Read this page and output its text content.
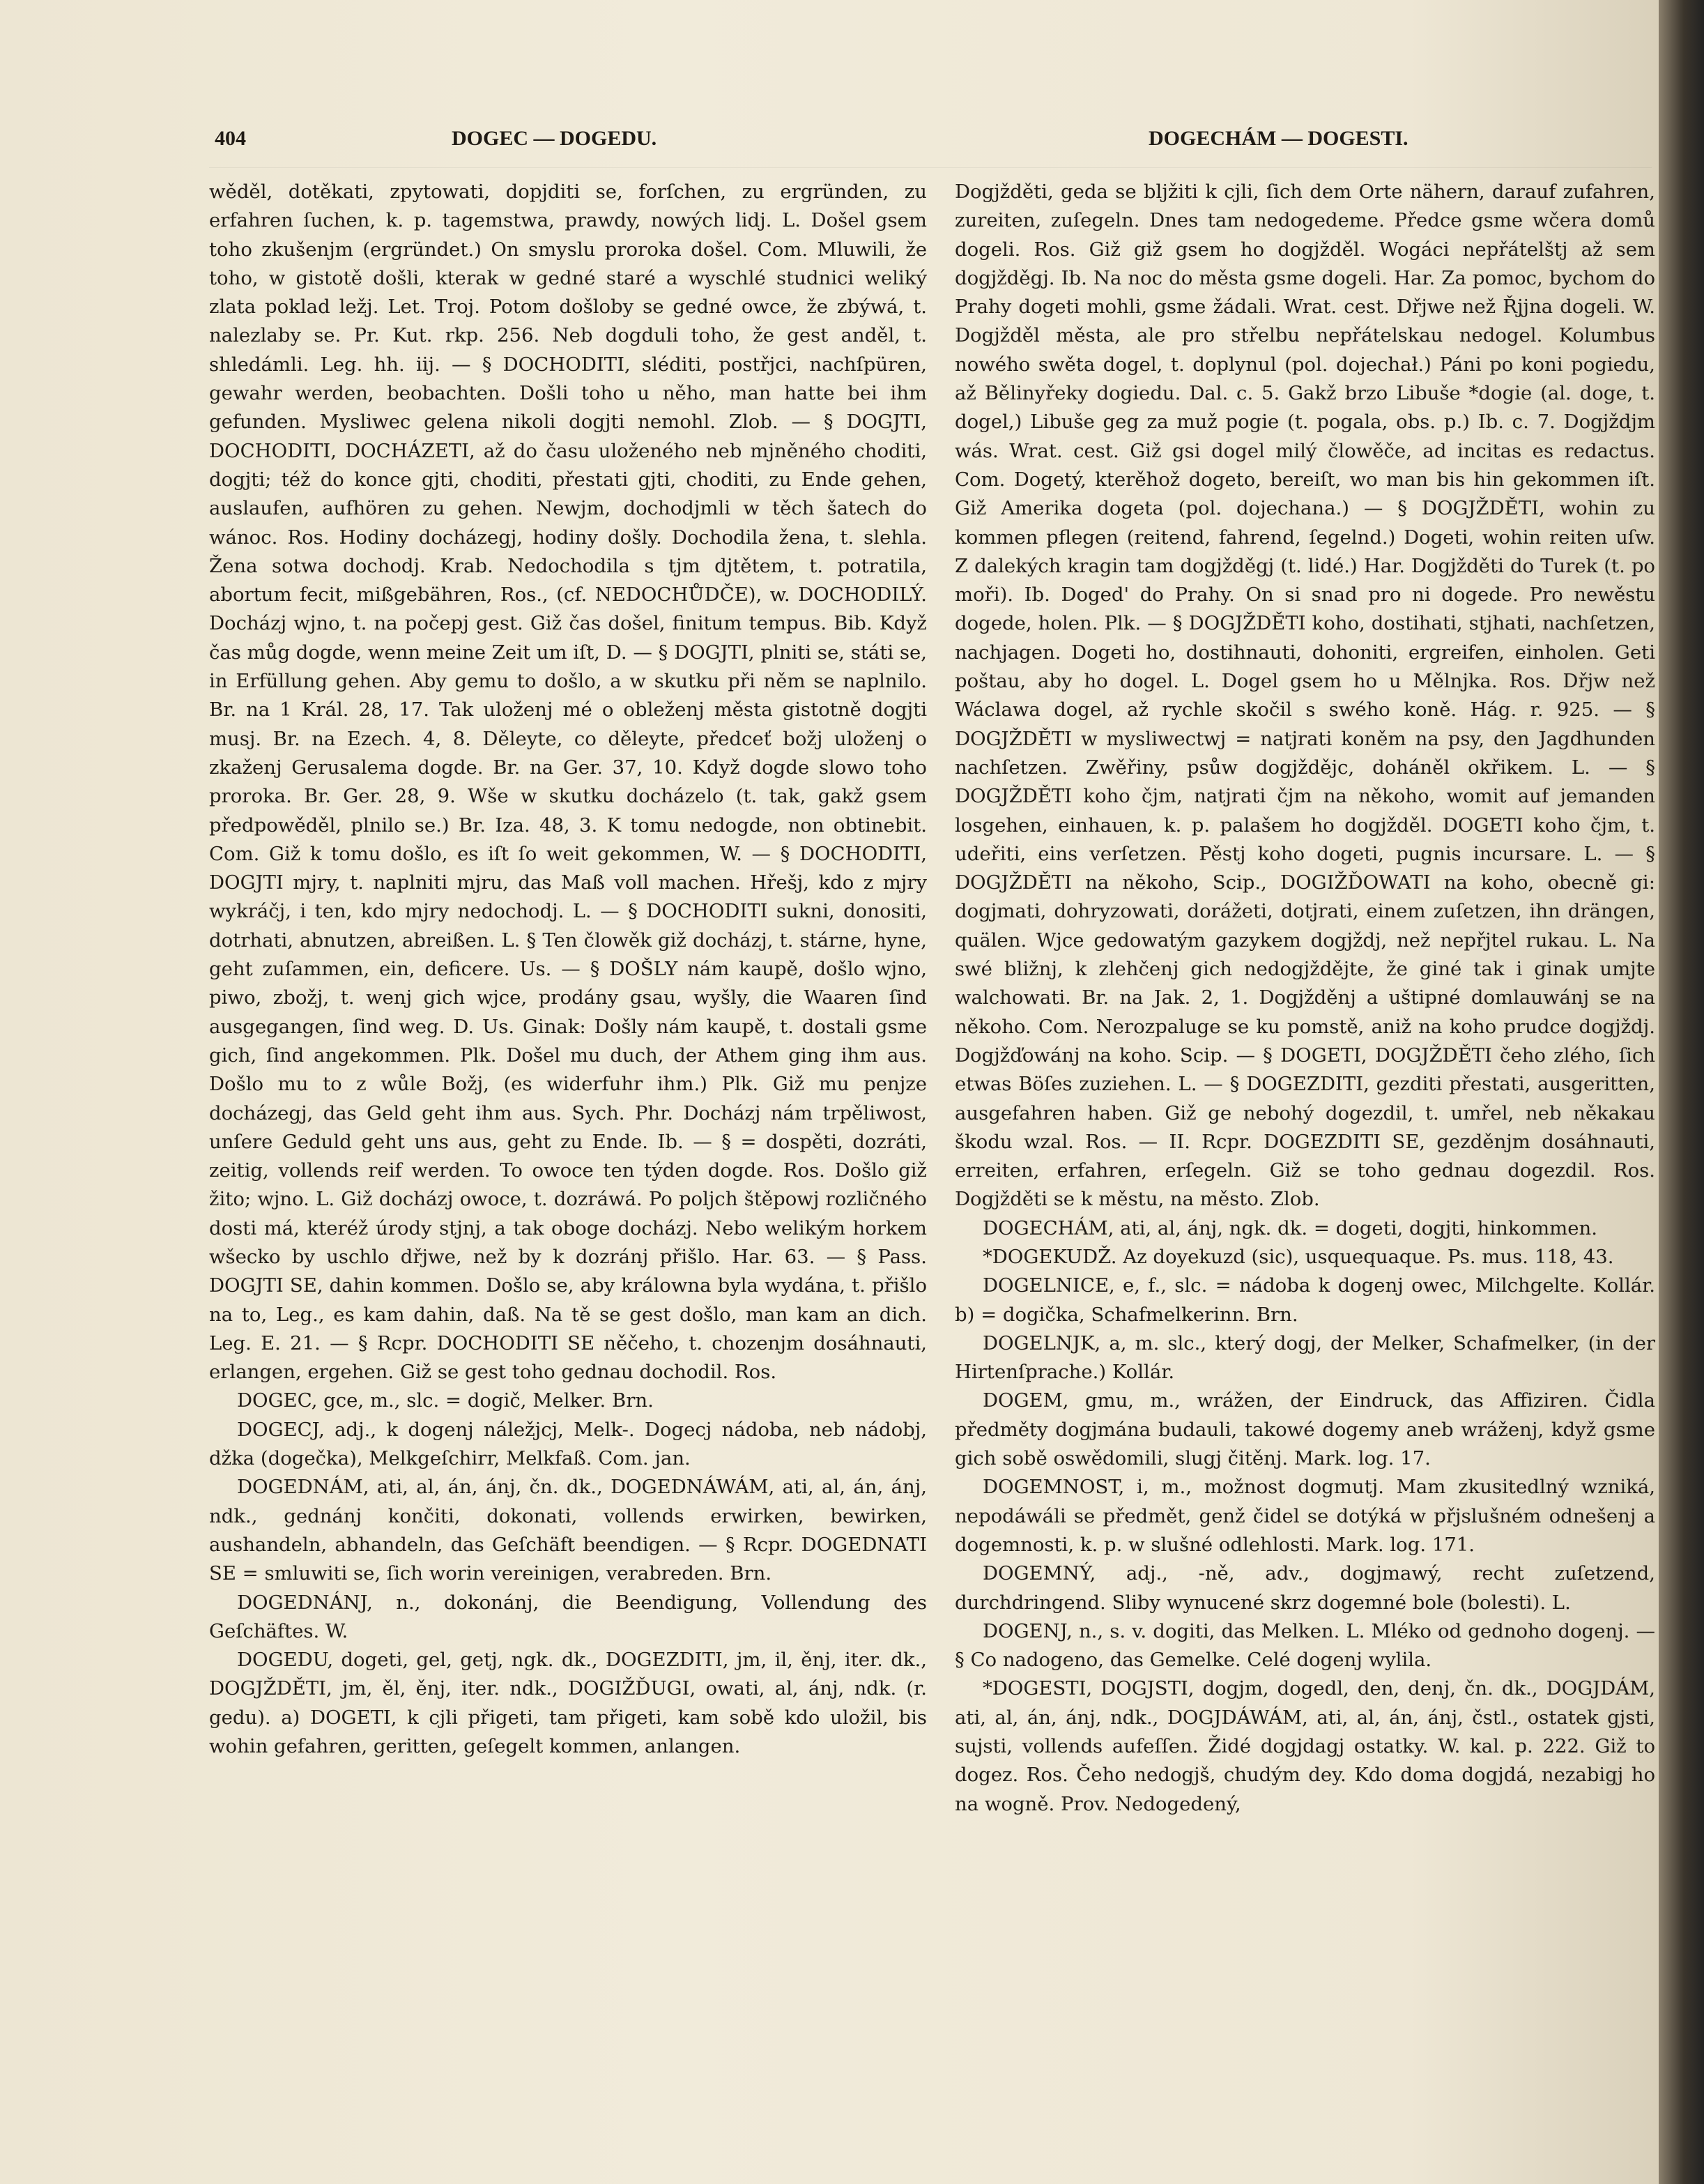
404	DOGEC — DOGEDU.	DOGECHÁM — DOGESTI.

wěděl, dotěkati, zpytowati, dopjditi se, forſchen, zu ergründen, zu erfahren ſuchen, k. p. tagemstwa, prawdy, nowých lidj. L. Došel gsem toho zkušenjm (ergründet.) On smyslu proroka došel. Com. Mluwili, že toho, w gistotě došli, kterak w gedné staré a wyschlé studnici weliký zlata poklad ležj. Let. Troj. Potom došloby se gedné owce, že zbýwá, t. nalezlaby se. Pr. Kut. rkp. 256. Neb dogduli toho, že gest anděl, t. shledámli. Leg. hh. iij. — § DOCHODITI, sléditi, postřjci, nachſpüren, gewahr werden, beobachten. Došli toho u něho, man hatte bei ihm gefunden. Mysliwec gelena nikoli dogjti nemohl. Zlob. — § DOGJTI, DOCHODITI, DOCHÁZETI, až do času uloženého neb mjněného choditi, dogjti; též do konce gjti, choditi, přestati gjti, choditi, zu Ende gehen, auslaufen, aufhören zu gehen. Newjm, dochodjmli w těch šatech do wánoc. Ros. Hodiny docházegj, hodiny došly. Dochodila žena, t. slehla. Žena sotwa dochodj. Krab. Nedochodila s tjm djtětem, t. potratila, abortum fecit, mißgebähren, Ros., (cf. NEDOCHŮDČE), w. DOCHODILÝ. Docházj wjno, t. na počepj gest. Giž čas došel, finitum tempus. Bib. Když čas můg dogde, wenn meine Zeit um iſt, D. — § DOGJTI, plniti se, státi se, in Erfüllung gehen. Aby gemu to došlo, a w skutku při něm se naplnilo. Br. na 1 Král. 28, 17. Tak uloženj mé o obleženj města gistotně dogjti musj. Br. na Ezech. 4, 8. Děleyte, co děleyte, předceť božj uloženj o zkaženj Gerusalema dogde. Br. na Ger. 37, 10. Když dogde slowo toho proroka. Br. Ger. 28, 9. Wše w skutku docházelo (t. tak, gakž gsem předpowěděl, plnilo se.) Br. Iza. 48, 3. K tomu nedogde, non obtinebit. Com. Giž k tomu došlo, es iſt ſo weit gekommen, W. — § DOCHODITI, DOGJTI mjry, t. naplniti mjru, das Maß voll machen. Hřešj, kdo z mjry wykráčj, i ten, kdo mjry nedochodj. L. — § DOCHODITI sukni, donositi, dotrhati, abnutzen, abreißen. L. § Ten člowěk giž docházj, t. stárne, hyne, geht zuſammen, ein, deficere. Us. — § DOŠLY nám kaupě, došlo wjno, piwo, zbožj, t. wenj gich wjce, prodány gsau, wyšly, die Waaren ſind ausgegangen, ſind weg. D. Us. Ginak: Došly nám kaupě, t. dostali gsme gich, ſind angekommen. Plk. Došel mu duch, der Athem ging ihm aus. Došlo mu to z wůle Božj, (es widerfuhr ihm.) Plk. Giž mu penjze docházegj, das Geld geht ihm aus. Sych. Phr. Docházj nám trpěliwost, unſere Geduld geht uns aus, geht zu Ende. Ib. — § = dospěti, dozráti, zeitig, vollends reif werden. To owoce ten týden dogde. Ros. Došlo giž žito; wjno. L. Giž docházj owoce, t. dozráwá. Po poljch štěpowj rozličného dosti má, kteréž úrody stjnj, a tak oboge docházj. Nebo welikým horkem wšecko by uschlo dřjwe, než by k dozránj přišlo. Har. 63. — § Pass. DOGJTI SE, dahin kommen. Došlo se, aby králowna byla wydána, t. přišlo na to, Leg., es kam dahin, daß. Na tě se gest došlo, man kam an dich. Leg. E. 21. — § Rcpr. DOCHODITI SE něčeho, t. chozenjm dosáhnauti, erlangen, ergehen. Giž se gest toho gednau dochodil. Ros.

DOGEC, gce, m., slc. = dogič, Melker. Brn.

DOGECJ, adj., k dogenj náležjcj, Melk-. Dogecj nádoba, neb nádobj, džka (dogečka), Melkgeſchirr, Melkfaß. Com. jan.

DOGEDNÁM, ati, al, án, ánj, čn. dk., DOGEDNÁWÁM, ati, al, án, ánj, ndk., gednánj končiti, dokonati, vollends erwirken, bewirken, aushandeln, abhandeln, das Geſchäft beendigen. — § Rcpr. DOGEDNATI SE = smluwiti se, ſich worin vereinigen, verabreden. Brn.

DOGEDNÁNJ, n., dokonánj, die Beendigung, Vollendung des Geſchäftes. W.

DOGEDU, dogeti, gel, getj, ngk. dk., DOGEZDITI, jm, il, ěnj, iter. dk., DOGJŽDĚTI, jm, ěl, ěnj, iter. ndk., DOGIŽĎUGI, owati, al, ánj, ndk. (r. gedu). a) DOGETI, k cjli přigeti, tam přigeti, kam sobě kdo uložil, bis wohin gefahren, geritten, geſegelt kommen, anlangen.

Dogjžděti, geda se blјžiti k cjli, ſich dem Orte nähern, darauf zufahren, zureiten, zuſegeln. Dnes tam nedogedeme. Předce gsme wčera domů dogeli. Ros. Giž giž gsem ho dogjžděl. Wogáci nepřátelštj až sem dogjžděgj. Ib. Na noc do města gsme dogeli. Har. Za pomoc, bychom do Prahy dogeti mohli, gsme žádali. Wrat. cest. Dřjwe než Řjjna dogeli. W. Dogjžděl města, ale pro střelbu nepřátelskau nedogel. Kolumbus nowého swěta dogel, t. doplynul (pol. dojechał.) Páni po koni pogiedu, až Bělinyřeky dogiedu. Dal. c. 5. Gakž brzo Libuše *dogie (al. doge, t. dogel,) Libuše geg za muž pogie (t. pogala, obs. p.) Ib. c. 7. Dogjždjm wás. Wrat. cest. Giž gsi dogel milý člowěče, ad incitas es redactus. Com. Dogetý, kterěhož dogeto, bereiſt, wo man bis hin gekommen iſt. Giž Amerika dogeta (pol. dojechana.) — § DOGJŽDĚTI, wohin zu kommen pflegen (reitend, fahrend, ſegelnd.) Dogeti, wohin reiten uſw. Z dalekých kragin tam dogjžděgj (t. lidé.) Har. Dogjžděti do Turek (t. po moři). Ib. Doged' do Prahy. On si snad pro ni dogede. Pro newěstu dogede, holen. Plk. — § DOGJŽDĚTI koho, dostihati, stjhati, nachſetzen, nachjagen. Dogeti ho, dostihnauti, dohoniti, ergreifen, einholen. Geti poštau, aby ho dogel. L. Dogel gsem ho u Mělnjka. Ros. Dřjw než Wáclawa dogel, až rychle skočil s swého koně. Hág. r. 925. — § DOGJŽDĚTI w mysliwectwj = natjrati koněm na psy, den Jagdhunden nachſetzen. Zwěřiny, psůw dogjždějc, doháněl okřikem. L. — § DOGJŽDĚTI koho čjm, natjrati čjm na někoho, womit auf jemanden losgehen, einhauen, k. p. palašem ho dogjžděl. DOGETI koho čjm, t. udeřiti, eins verſetzen. Pěstj koho dogeti, pugnis incursare. L. — § DOGJŽDĚTI na někoho, Scip., DOGIŽĎOWATI na koho, obecně gi: dogjmati, dohryzowati, dorážeti, dotjrati, einem zuſetzen, ihn drängen, quälen. Wjce gedowatým gazykem dogjždj, než nepřjtel rukau. L. Na swé bližnj, k zlehčenj gich nedogjždějte, že giné tak i ginak umjte walchowati. Br. na Jak. 2, 1. Dogjžděnj a uštipné domlauwánj se na někoho. Com. Nerozpaluge se ku pomstě, aniž na koho prudce dogjždj. Dogjžďowánj na koho. Scip. — § DOGETI, DOGJŽDĚTI čeho zlého, ſich etwas Böſes zuziehen. L. — § DOGEZDITI, gezditi přestati, ausgeritten, ausgefahren haben. Giž ge nebohý dogezdil, t. umřel, neb někakau škodu wzal. Ros. — II. Rcpr. DOGEZDITI SE, gezděnjm dosáhnauti, erreiten, erfahren, erſegeln. Giž se toho gednau dogezdil. Ros. Dogjžděti se k městu, na město. Zlob.

DOGECHÁM, ati, al, ánj, ngk. dk. = dogeti, dogjti, hinkommen.

*DOGEKUDŽ. Az doyekuzd (sic), usquequaque. Ps. mus. 118, 43.

DOGELNICE, e, f., slc. = nádoba k dogenj owec, Milchgelte. Kollár. b) = dogička, Schafmelkerinn. Brn.

DOGELNJK, a, m. slc., který dogj, der Melker, Schafmelker, (in der Hirtenſprache.) Kollár.

DOGEM, gmu, m., wrážen, der Eindruck, das Affiziren. Čidla předměty dogjmána budauli, takowé dogemy aneb wráženj, když gsme gich sobě oswědomili, slugj čitěnj. Mark. log. 17.

DOGEMNOST, i, m., možnost dogmutj. Mam zkusitedlný wzniká, nepodáwáli se předmět, genž čidel se dotýká w přjslušném odnešenj a dogemnosti, k. p. w slušné odlehlosti. Mark. log. 171.

DOGEMNÝ, adj., -ně, adv., dogjmawý, recht zuſetzend, durchdringend. Sliby wynucené skrz dogemné bole (bolesti). L.

DOGENJ, n., s. v. dogiti, das Melken. L. Mléko od gednoho dogenj. — § Co nadogeno, das Gemelke. Celé dogenj wylila.

*DOGESTI, DOGJSTI, dogjm, dogedl, den, denj, čn. dk., DOGJDÁM, ati, al, án, ánj, ndk., DOGJDÁWÁM, ati, al, án, ánj, čstl., ostatek gjsti, sujsti, vollends aufeſſen. Židé dogjdagj ostatky. W. kal. p. 222. Giž to dogez. Ros. Čeho nedogjš, chudým dey. Kdo doma dogjdá, nezabigj ho na wogně. Prov. Nedogedený,
